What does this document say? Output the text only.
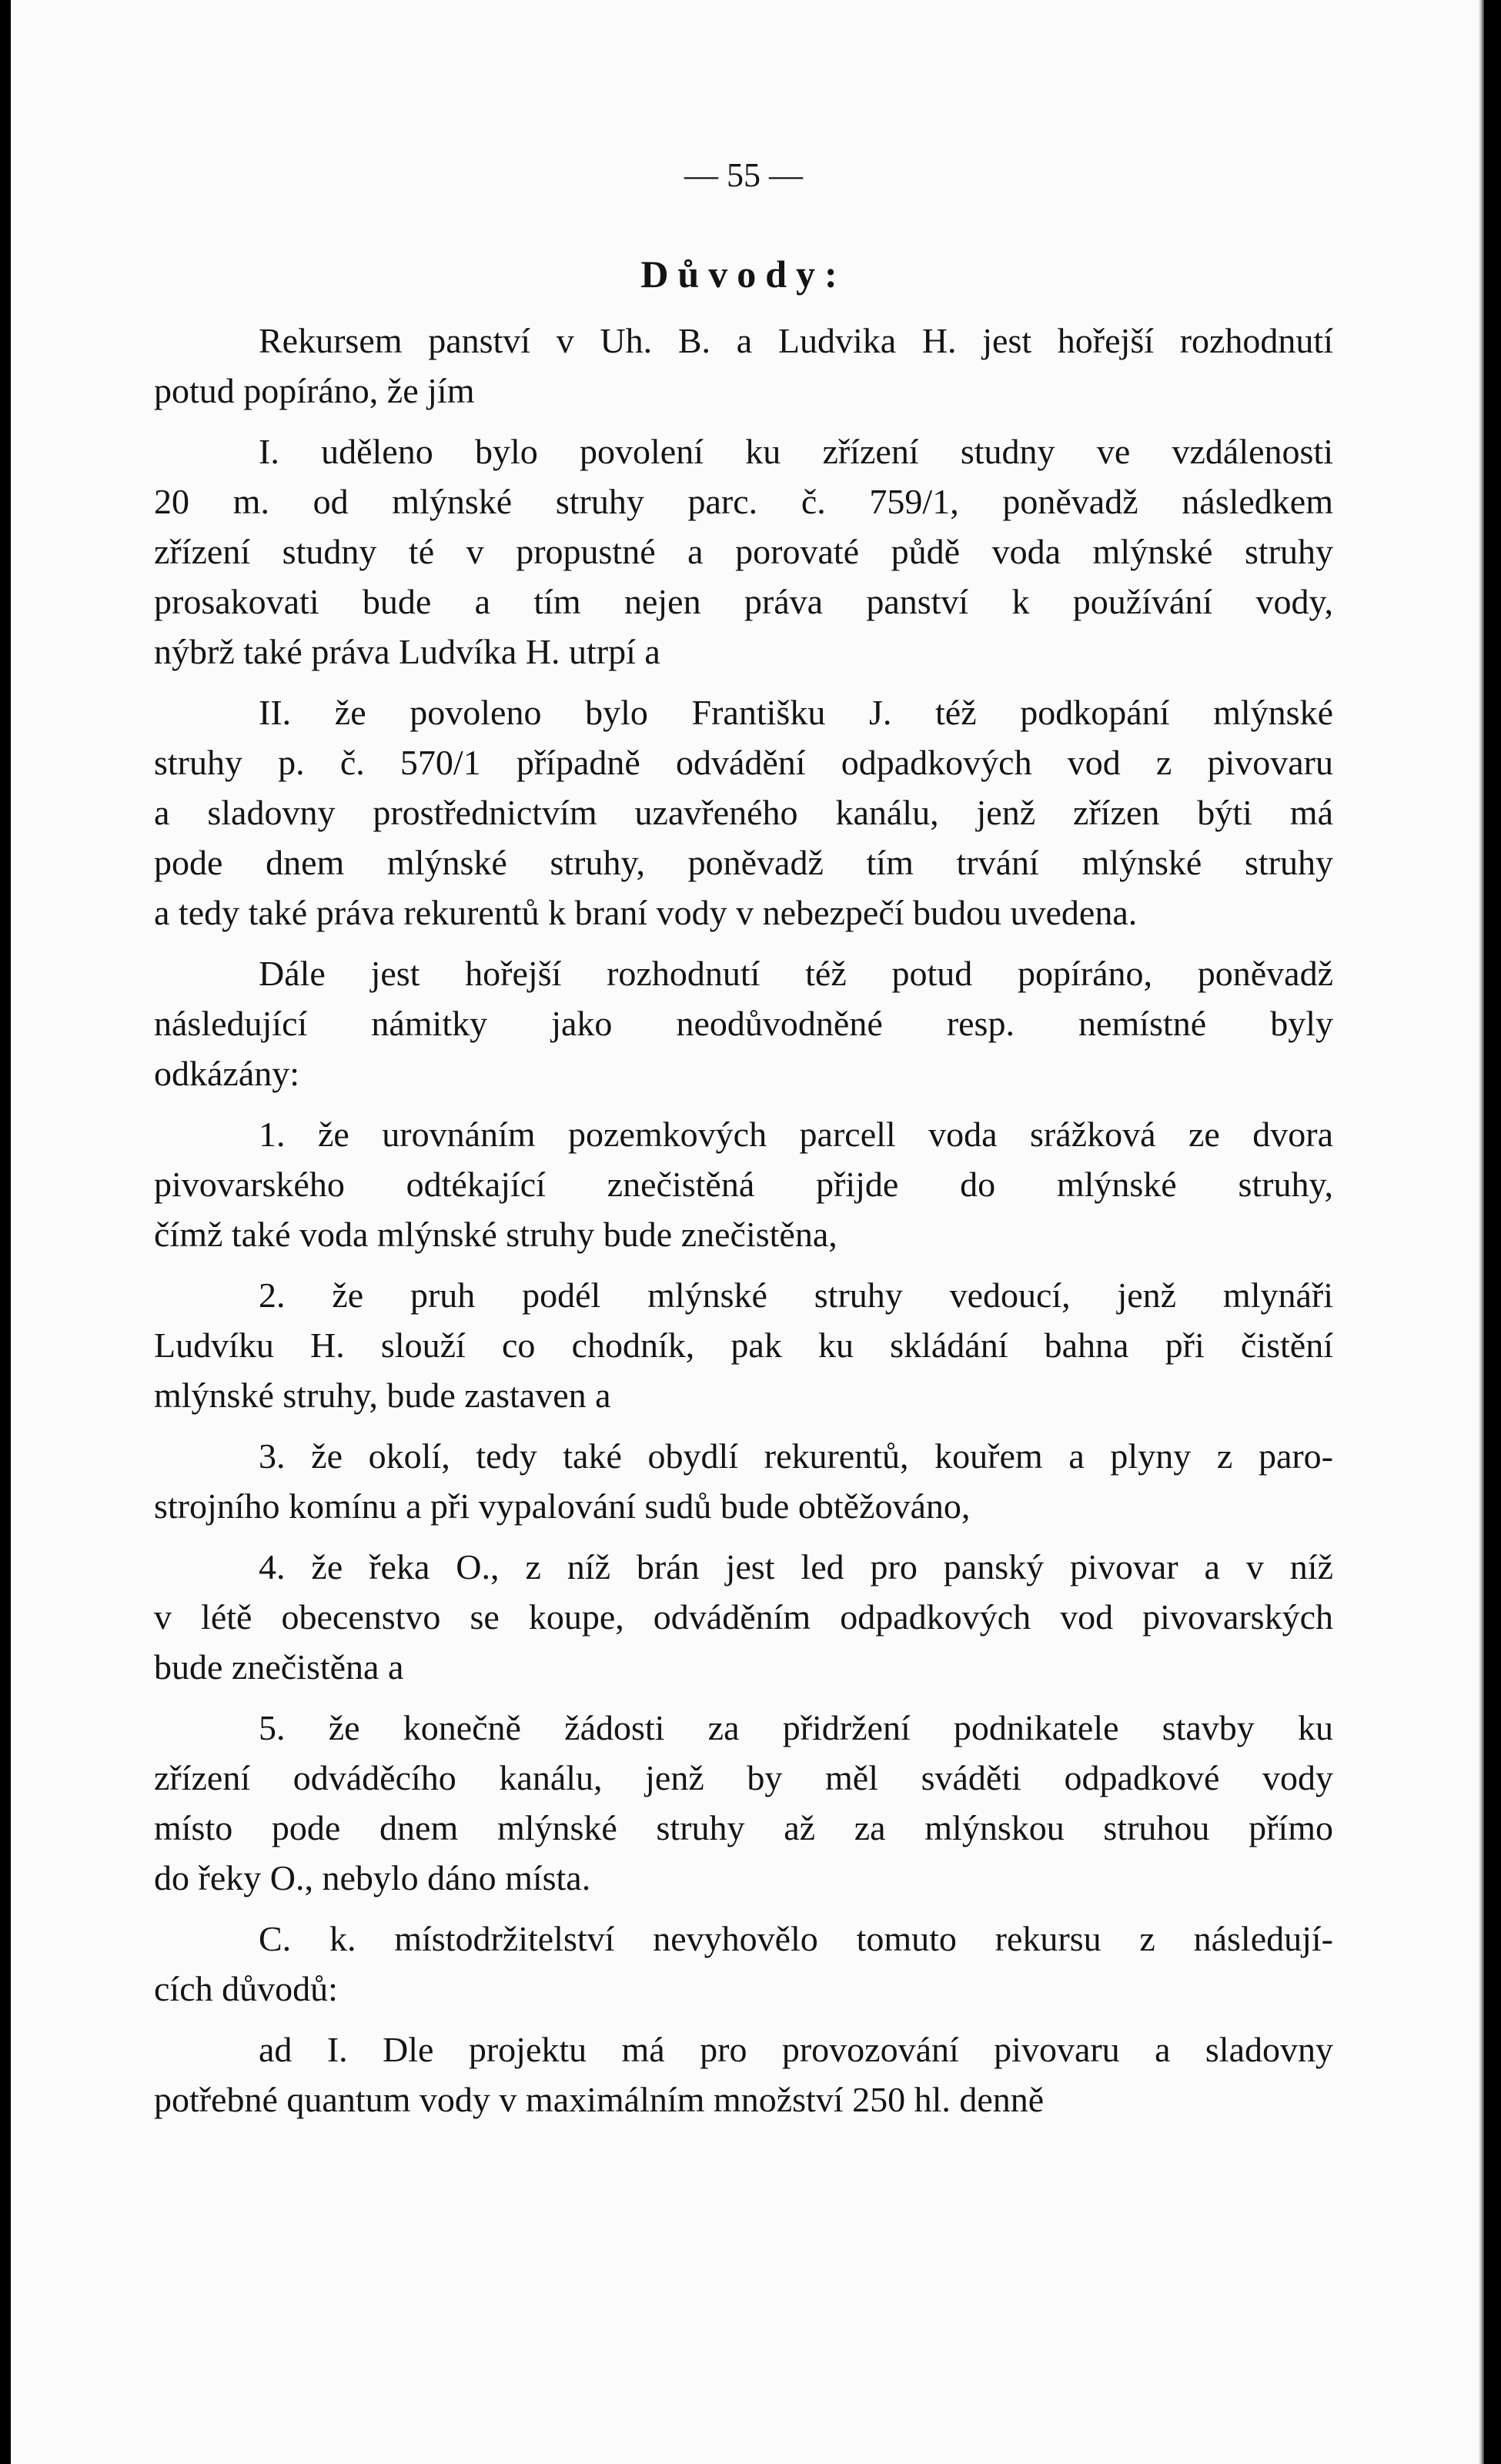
— 55 —
Důvody:
Rekursem panství v Uh. B. a Ludvika H. jest hořejší rozhodnutí
potud popíráno, že jím
I. uděleno bylo povolení ku zřízení studny ve vzdálenosti
20 m. od mlýnské struhy parc. č. 759/1, poněvadž následkem
zřízení studny té v propustné a porovaté půdě voda mlýnské struhy
prosakovati bude a tím nejen práva panství k používání vody,
nýbrž také práva Ludvíka H. utrpí a
II. že povoleno bylo Františku J. též podkopání mlýnské
struhy p. č. 570/1 případně odvádění odpadkových vod z pivovaru
a sladovny prostřednictvím uzavřeného kanálu, jenž zřízen býti má
pode dnem mlýnské struhy, poněvadž tím trvání mlýnské struhy
a tedy také práva rekurentů k braní vody v nebezpečí budou uvedena.
Dále jest hořejší rozhodnutí též potud popíráno, poněvadž
následující námitky jako neodůvodněné resp. nemístné byly
odkázány:
1. že urovnáním pozemkových parcell voda srážková ze dvora
pivovarského odtékající znečistěná přijde do mlýnské struhy,
čímž také voda mlýnské struhy bude znečistěna,
2. že pruh podél mlýnské struhy vedoucí, jenž mlynáři
Ludvíku H. slouží co chodník, pak ku skládání bahna při čistění
mlýnské struhy, bude zastaven a
3. že okolí, tedy také obydlí rekurentů, kouřem a plyny z paro-
strojního komínu a při vypalování sudů bude obtěžováno,
4. že řeka O., z níž brán jest led pro panský pivovar a v níž
v létě obecenstvo se koupe, odváděním odpadkových vod pivovarských
bude znečistěna a
5. že konečně žádosti za přidržení podnikatele stavby ku
zřízení odváděcího kanálu, jenž by měl sváděti odpadkové vody
místo pode dnem mlýnské struhy až za mlýnskou struhou přímo
do řeky O., nebylo dáno místa.
C. k. místodržitelství nevyhovělo tomuto rekursu z následují-
cích důvodů:
ad I. Dle projektu má pro provozování pivovaru a sladovny
potřebné quantum vody v maximálním množství 250 hl. denně
